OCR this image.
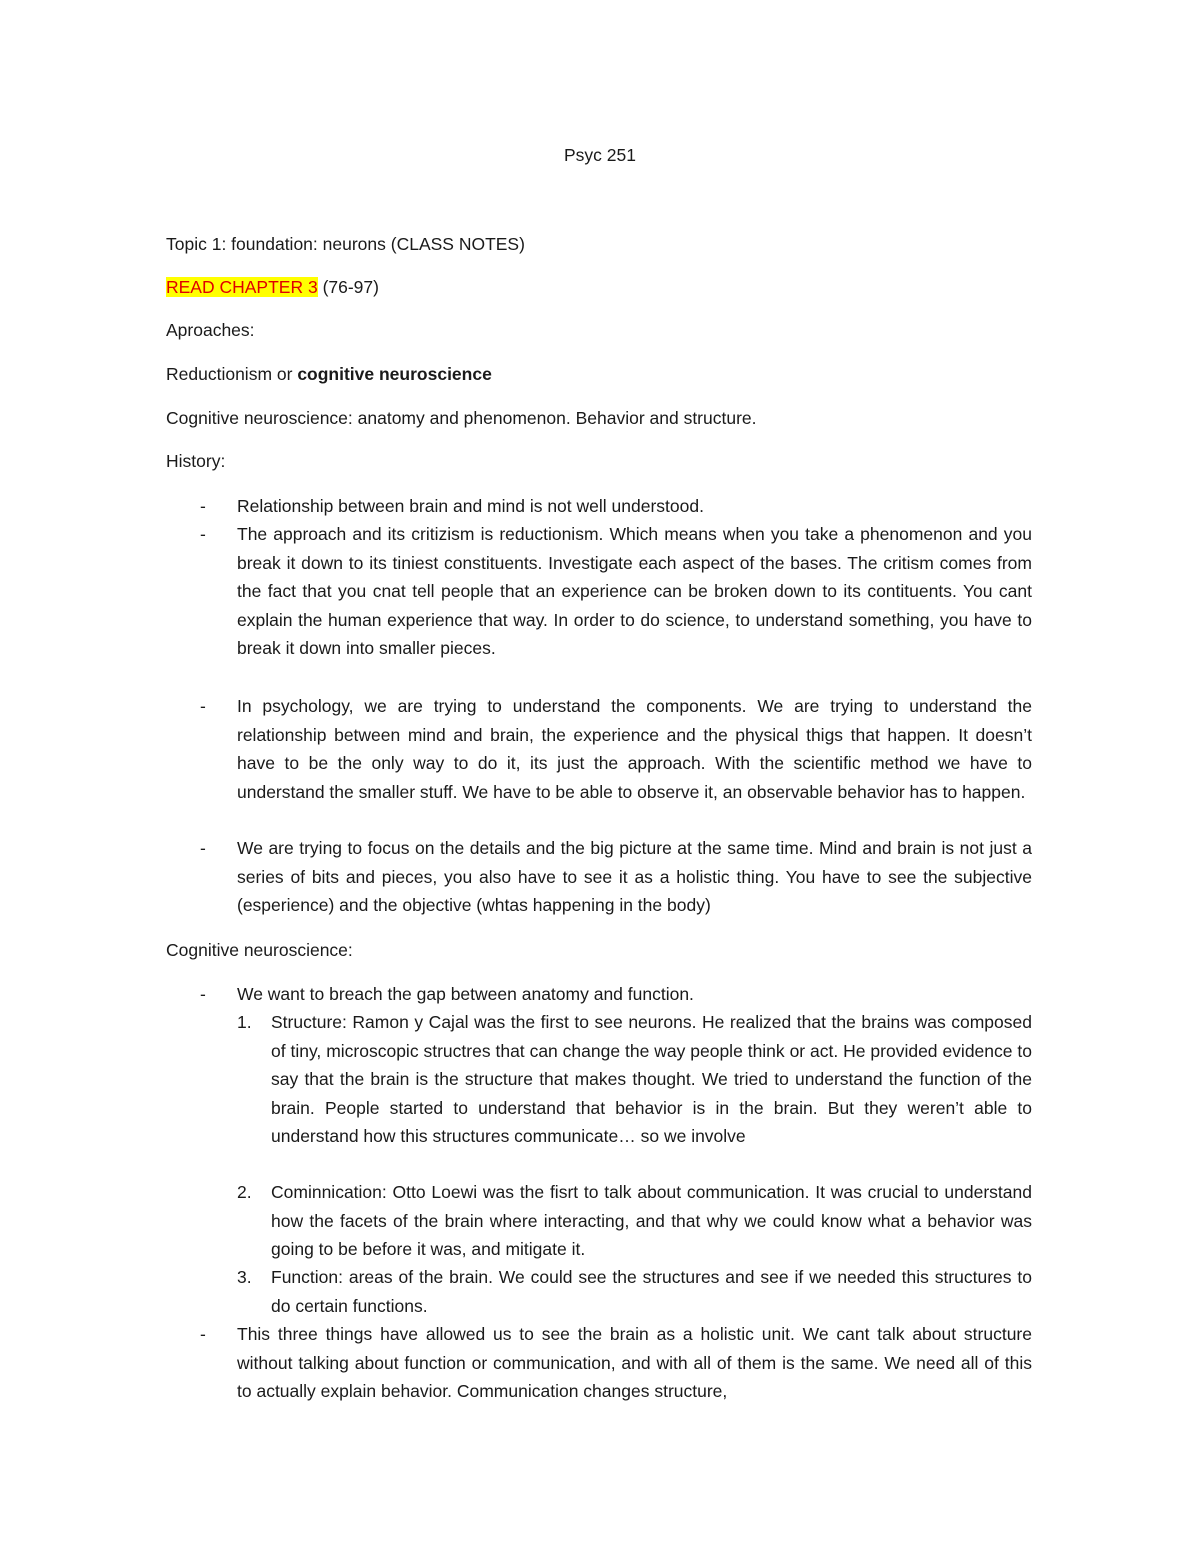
Psyc 251
Topic 1: foundation: neurons (CLASS NOTES)
READ CHAPTER 3 (76-97)
Aproaches:
Reductionism or cognitive neuroscience
Cognitive neuroscience: anatomy and phenomenon. Behavior and structure.
History:
-	Relationship between brain and mind is not well understood.
-	The approach and its critizism is reductionism. Which means when you take a phenomenon and you break it down to its tiniest constituents. Investigate each aspect of the bases. The critism comes from the fact that you cnat tell people that an experience can be broken down to its contituents. You cant explain the human experience that way. In order to do science, to understand something, you have to break it down into smaller pieces.
-	In psychology, we are trying to understand the components. We are trying to understand the relationship between mind and brain, the experience and the physical thigs that happen. It doesn’t have to be the only way to do it, its just the approach. With the scientific method we have to understand the smaller stuff. We have to be able to observe it, an observable behavior has to happen.
-	We are trying to focus on the details and the big picture at the same time. Mind and brain is not just a series of bits and pieces, you also have to see it as a holistic thing. You have to see the subjective (esperience) and the objective (whtas happening in the body)
Cognitive neuroscience:
-	We want to breach the gap between anatomy and function.
1.	Structure: Ramon y Cajal was the first to see neurons. He realized that the brains was composed of tiny, microscopic structres that can change the way people think or act. He provided evidence to say that the brain is the structure that makes thought. We tried to understand the function of the brain. People started to understand that behavior is in the brain. But they weren’t able to understand how this structures communicate… so we involve
2.	Cominnication: Otto Loewi was the fisrt to talk about communication. It was crucial to understand how the facets of the brain where interacting, and that why we could know what a behavior was going to be before it was, and mitigate it.
3.	Function: areas of the brain. We could see the structures and see if we needed this structures to do certain functions.
-	This three things have allowed us to see the brain as a holistic unit. We cant talk about structure without talking about function or communication, and with all of them is the same. We need all of this to actually explain behavior. Communication changes structure,
